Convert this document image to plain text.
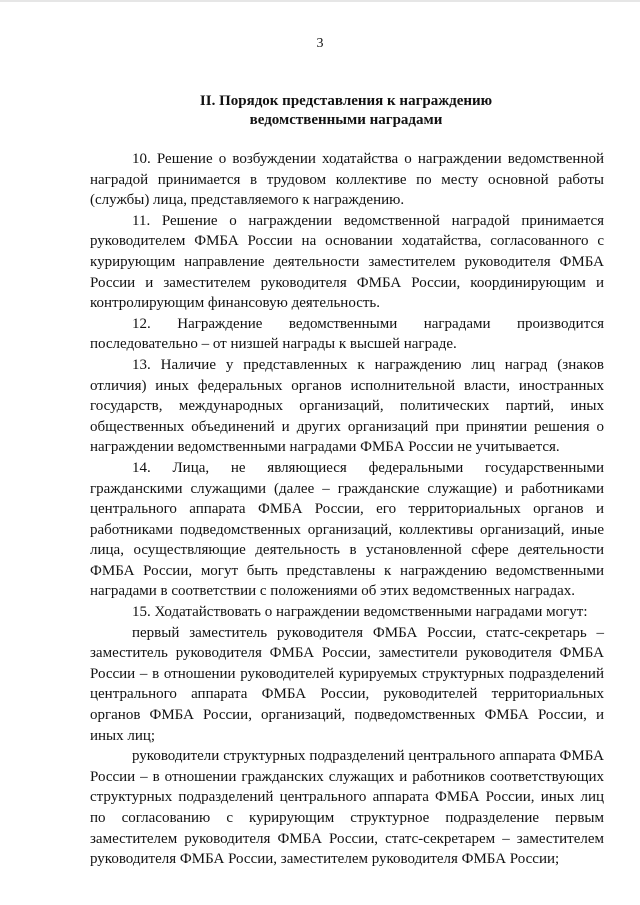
3
II. Порядок представления к награждению
ведомственными наградами

10. Решение о возбуждении ходатайства о награждении ведомственной наградой принимается в трудовом коллективе по месту основной работы (службы) лица, представляемого к награждению.

11. Решение о награждении ведомственной наградой принимается руководителем ФМБА России на основании ходатайства, согласованного с курирующим направление деятельности заместителем руководителя ФМБА России и заместителем руководителя ФМБА России, координирующим и контролирующим финансовую деятельность.

12. Награждение ведомственными наградами производится последовательно – от низшей награды к высшей награде.

13. Наличие у представленных к награждению лиц наград (знаков отличия) иных федеральных органов исполнительной власти, иностранных государств, международных организаций, политических партий, иных общественных объединений и других организаций при принятии решения о награждении ведомственными наградами ФМБА России не учитывается.

14. Лица, не являющиеся федеральными государственными гражданскими служащими (далее – гражданские служащие) и работниками центрального аппарата ФМБА России, его территориальных органов и работниками подведомственных организаций, коллективы организаций, иные лица, осуществляющие деятельность в установленной сфере деятельности ФМБА России, могут быть представлены к награждению ведомственными наградами в соответствии с положениями об этих ведомственных наградах.

15. Ходатайствовать о награждении ведомственными наградами могут:

первый заместитель руководителя ФМБА России, статс-секретарь – заместитель руководителя ФМБА России, заместители руководителя ФМБА России – в отношении руководителей курируемых структурных подразделений центрального аппарата ФМБА России, руководителей территориальных органов ФМБА России, организаций, подведомственных ФМБА России, и иных лиц;

руководители структурных подразделений центрального аппарата ФМБА России – в отношении гражданских служащих и работников соответствующих структурных подразделений центрального аппарата ФМБА России, иных лиц по согласованию с курирующим структурное подразделение первым заместителем руководителя ФМБА России, статс-секретарем – заместителем руководителя ФМБА России, заместителем руководителя ФМБА России;
